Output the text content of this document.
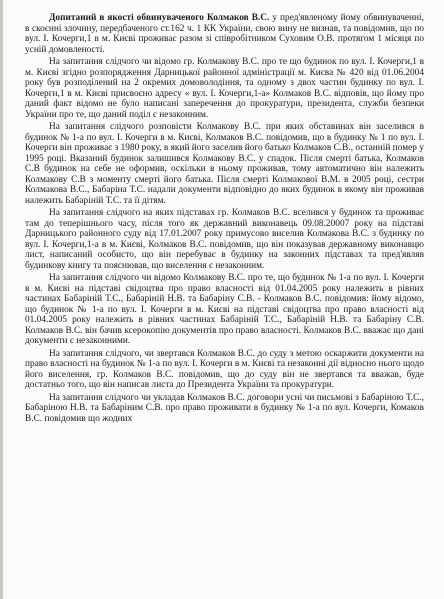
Допитаний в якості обвинуваченого Колмаков В.С. у пред'явленому йому обвинуваченні, в скоєнні злочину, передбаченого ст.162 ч. 1 КК України, свою вину не визнав, та повідомив, що по вул. І. Кочерги,1 в м. Києві проживає разом зі співробітником Суховим О.В. протягом 1 місяця по усній домовленості.

На запитання слідчого чи відомо гр. Колмакову В.С. про те що будинок по вул. І. Кочерги,1 в м. Києві згідно розпорядження Дарницької районної адміністрації м. Києва № 420 від 01.06.2004 року був розподілений на 2 окремих домоволодіння, та одному з двох частин будинку по вул. І. Кочерги,1 в м. Києві присвоєно адресу « вул. І. Кочерги,1-а» Колмаков В.С. відповів, що йому про даний факт відомо не було написані заперечення до прокуратури, президента, служби безпеки України про те, що даний поділ є незаконним.

На запитання слідчого розповісти Колмакову В.С. при яких обставинах він заселився в будинок № 1-а по вул. І. Кочерги в м. Києві, Колмаков В.С. повідомив, що в будинку № 1 по вул. І. Кочерги він проживає з 1980 року, в який його заселив його батько Колмаков С.В., останній помер у 1995 році. Вказаний будинок залишився Колмакову В.С. у спадок. Після смерті батька, Колмаков С.В будинок на себе не оформив, оскільки в ньому проживав, тому автоматично він належить Колмакову С.В з моменту смерті його батька. Після смерті Колмакової В.М. в 2005 році, сестри Колмакова В.С., Бабаріна Т.С. надали документи відповідно до яких будинок в якому він проживав належить Бабаріній Т.С. та її дітям.

На запитання слідчого на яких підставах гр. Колмаков В.С. вселився у будинок та проживає там до теперішнього часу, після того як державний виконавець 09.08.20007 року на підставі Дарницького районного суду від 17.01.2007 року примусово виселив Колмакова В.С. з будинку по вул. І. Кочерги,1-а в м. Києві, Колмаков В.С. повідомив, що він показував державному виконавцю лист, написаний особисто, що він перебуває в будинку на законних підставах та пред'являв будинкову книгу та пояснював, що виселення є незаконним.

На запитання слідчого чи відомо Колмакову В.С. про те, що будинок № 1-а по вул. І. Кочерги в м. Києві на підставі свідоцтва про право власності від 01.04.2005 року належить в рівних частинах Бабаріній Т.С., Бабаріній Н.В. та Бабаріну С.В. - Колмаков В.С. повідомив: йому відомо, що будинок № 1-а по вул. І. Кочерги в м. Києві на підставі свідоцтва про право власності від 01.04.2005 року належить в рівних частинах Бабаріній Т.С., Бабаріній Н.В. та Бабаріну С.В. Колмаков В.С. він бачив ксерокопію документів про право власності. Колмаков В.С. вважає що дані документи є незаконними.

На запитання слідчого, чи звертався Колмаков В.С. до суду з метою оскаржити документи на право власності на будинок № 1-а по вул. І. Кочерги в м. Києві та незаконні дії відносно нього щодо його виселення, гр. Колмаков В.С. повідомив, що до суду він не звертався та вважав, буде достатньо того, що він написав листа до Президента України та прокуратури.

На запитання слідчого чи укладав Колмаков В.С. договори усні чи письмові з Бабаріною Т.С., Бабаріною Н.В. та Бабаріним С.В. про право проживати в будинку № 1-а по вул. Кочерги, Комаков В.С. повідомив що жодних
